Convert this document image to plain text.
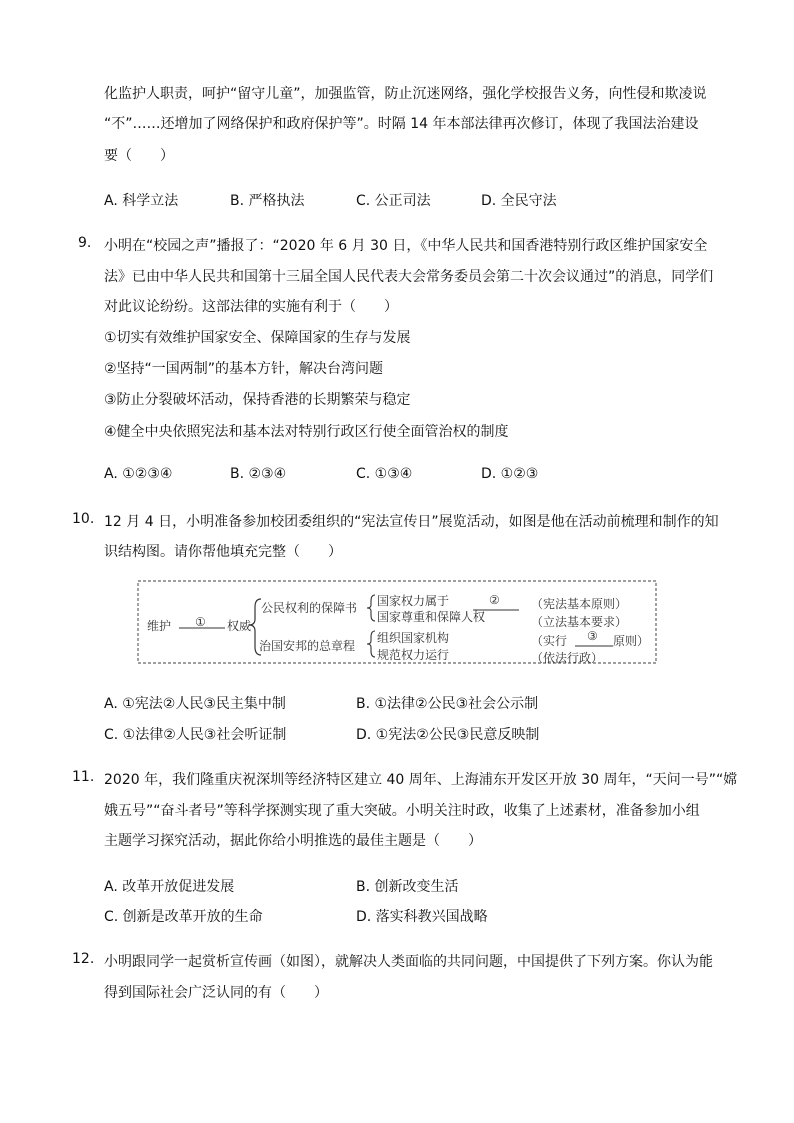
化监护人职责，呵护“留守儿童”，加强监管，防止沉迷网络，强化学校报告义务，向性侵和欺凌说
“不”……还增加了网络保护和政府保护等”。时隔 14 年本部法律再次修订，体现了我国法治建设
要（　　）
A. 科学立法	B. 严格执法	C. 公正司法	D. 全民守法
9. 小明在“校园之声”播报了：“2020 年 6 月 30 日，《中华人民共和国香港特别行政区维护国家安全
法》已由中华人民共和国第十三届全国人民代表大会常务委员会第二十次会议通过”的消息，同学们
对此议论纷纷。这部法律的实施有利于（　　）
①切实有效维护国家安全、保障国家的生存与发展
②坚持“一国两制”的基本方针，解决台湾问题
③防止分裂破坏活动，保持香港的长期繁荣与稳定
④健全中央依照宪法和基本法对特别行政区行使全面管治权的制度
A. ①②③④	B. ②③④	C. ①③④	D. ①②③
10. 12 月 4 日，小明准备参加校团委组织的“宪法宣传日”展览活动，如图是他在活动前梳理和制作的知
识结构图。请你帮他填充完整（　　）
维护 ① 权威
公民权利的保障书
治国安邦的总章程
国家权力属于	②
国家尊重和保障人权
组织国家机构
规范权力运行
（宪法基本原则）
（立法基本要求）
（实行 ③ 原则）
（依法行政）
A. ①宪法②人民③民主集中制	B. ①法律②公民③社会公示制
C. ①法律②人民③社会听证制	D. ①宪法②公民③民意反映制
11. 2020 年，我们隆重庆祝深圳等经济特区建立 40 周年、上海浦东开发区开放 30 周年，“天问一号”“嫦
娥五号”“奋斗者号”等科学探测实现了重大突破。小明关注时政，收集了上述素材，准备参加小组
主题学习探究活动，据此你给小明推选的最佳主题是（　　）
A. 改革开放促进发展	B. 创新改变生活
C. 创新是改革开放的生命	D. 落实科教兴国战略
12. 小明跟同学一起赏析宣传画（如图），就解决人类面临的共同问题，中国提供了下列方案。你认为能
得到国际社会广泛认同的有（　　）
